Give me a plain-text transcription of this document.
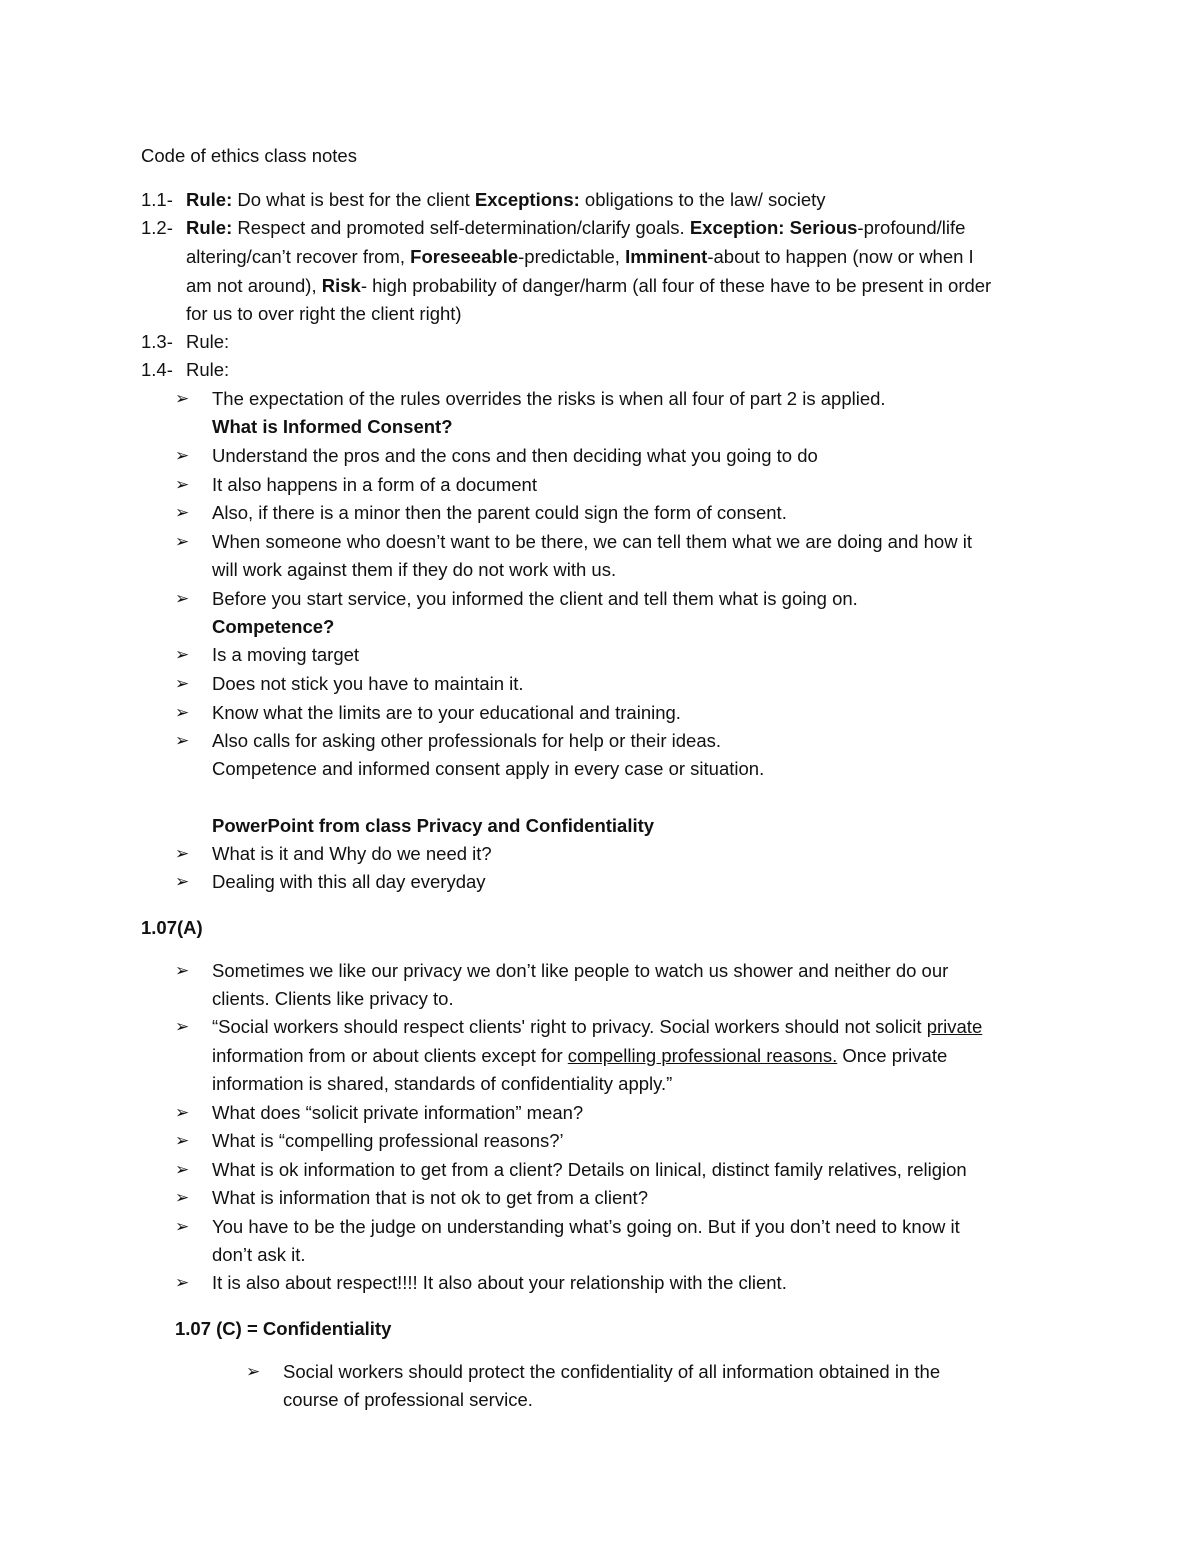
Code of ethics class notes
1.1- Rule: Do what is best for the client Exceptions: obligations to the law/ society
1.2- Rule: Respect and promoted self-determination/clarify goals. Exception: Serious-profound/life
altering/can’t recover from, Foreseeable-predictable, Imminent-about to happen (now or when I
am not around), Risk- high probability of danger/harm (all four of these have to be present in order
for us to over right the client right)
1.3- Rule:
1.4- Rule:
➢ The expectation of the rules overrides the risks is when all four of part 2 is applied.
What is Informed Consent?
➢ Understand the pros and the cons and then deciding what you going to do
➢ It also happens in a form of a document
➢ Also, if there is a minor then the parent could sign the form of consent.
➢ When someone who doesn’t want to be there, we can tell them what we are doing and how it
will work against them if they do not work with us.
➢ Before you start service, you informed the client and tell them what is going on.
Competence?
➢ Is a moving target
➢ Does not stick you have to maintain it.
➢ Know what the limits are to your educational and training.
➢ Also calls for asking other professionals for help or their ideas.
Competence and informed consent apply in every case or situation.
PowerPoint from class Privacy and Confidentiality
➢ What is it and Why do we need it?
➢ Dealing with this all day everyday
1.07(A)
➢ Sometimes we like our privacy we don’t like people to watch us shower and neither do our
clients. Clients like privacy to.
➢ “Social workers should respect clients' right to privacy. Social workers should not solicit private
information from or about clients except for compelling professional reasons. Once private
information is shared, standards of confidentiality apply.”
➢ What does “solicit private information” mean?
➢ What is “compelling professional reasons?’
➢ What is ok information to get from a client? Details on linical, distinct family relatives, religion
➢ What is information that is not ok to get from a client?
➢ You have to be the judge on understanding what’s going on. But if you don’t need to know it
don’t ask it.
➢ It is also about respect!!!! It also about your relationship with the client.
1.07 (C) = Confidentiality
➢ Social workers should protect the confidentiality of all information obtained in the
course of professional service.
